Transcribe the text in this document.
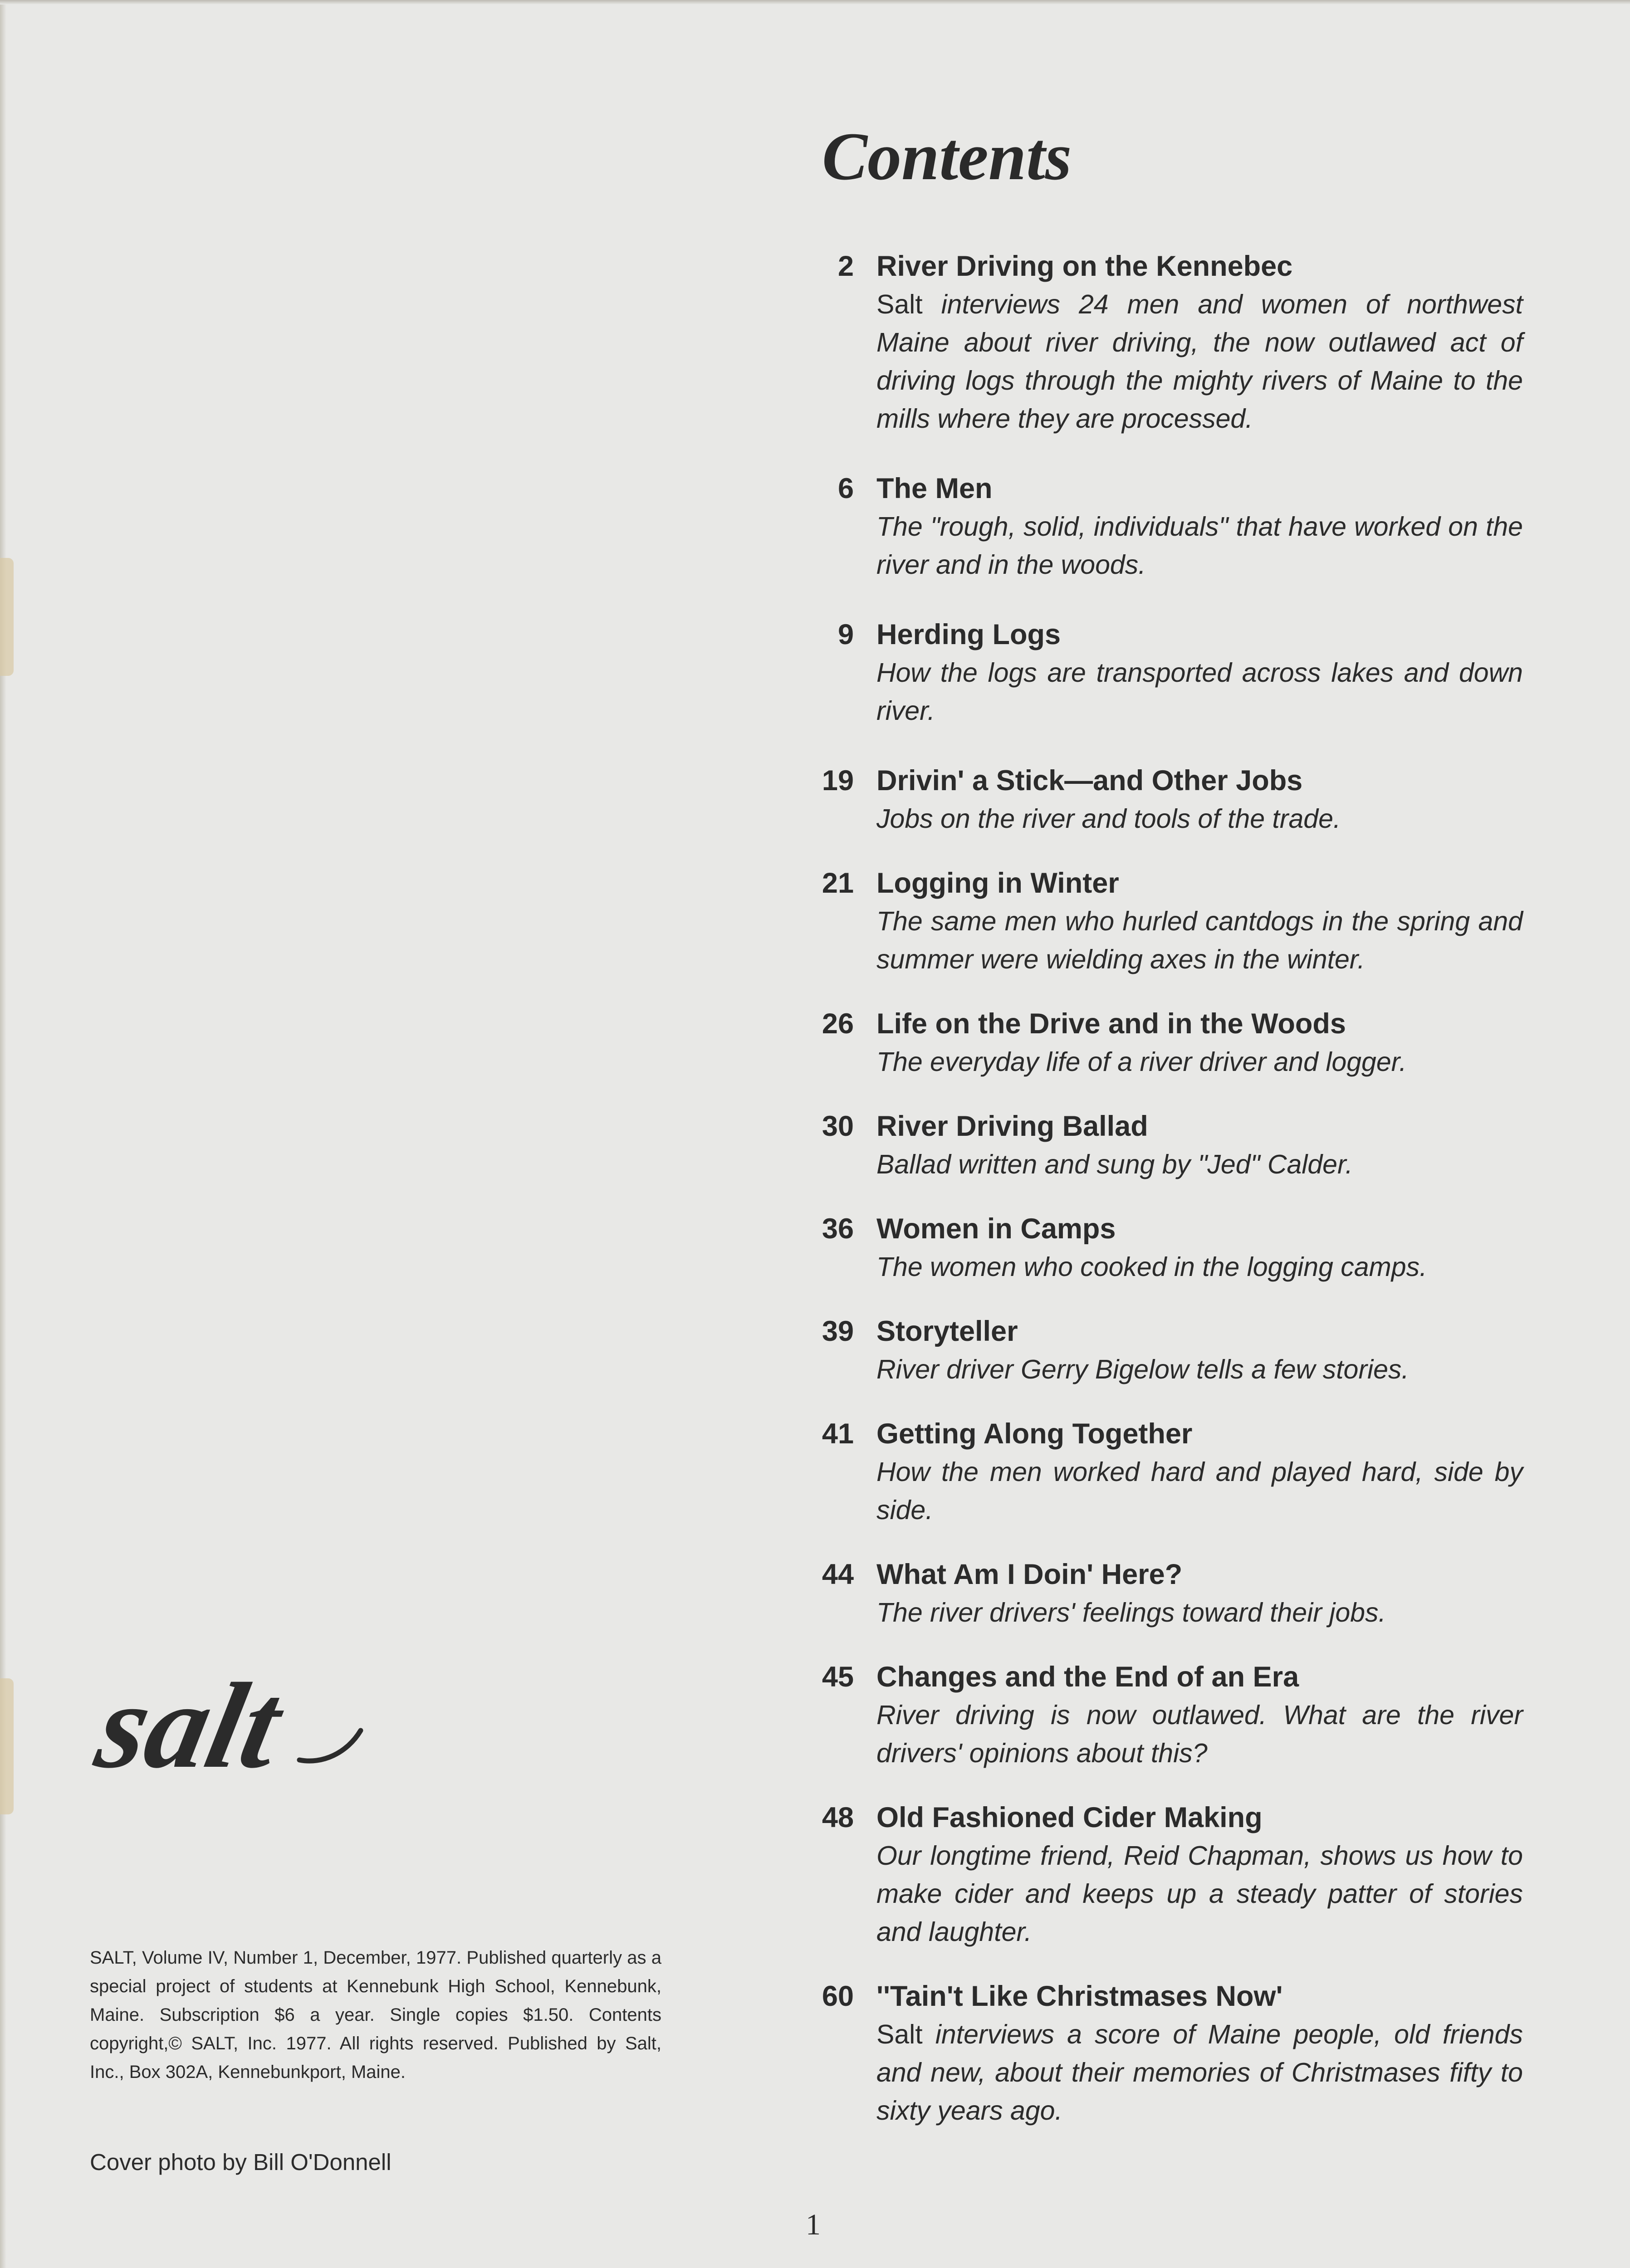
Contents
2 River Driving on the Kennebec
Salt interviews 24 men and women of northwest Maine about river driving, the now outlawed act of driving logs through the mighty rivers of Maine to the mills where they are processed.
6 The Men
The "rough, solid, individuals" that have worked on the river and in the woods.
9 Herding Logs
How the logs are transported across lakes and down river.
19 Drivin' a Stick—and Other Jobs
Jobs on the river and tools of the trade.
21 Logging in Winter
The same men who hurled cantdogs in the spring and summer were wielding axes in the winter.
26 Life on the Drive and in the Woods
The everyday life of a river driver and logger.
30 River Driving Ballad
Ballad written and sung by "Jed" Calder.
36 Women in Camps
The women who cooked in the logging camps.
39 Storyteller
River driver Gerry Bigelow tells a few stories.
41 Getting Along Together
How the men worked hard and played hard, side by side.
44 What Am I Doin' Here?
The river drivers' feelings toward their jobs.
45 Changes and the End of an Era
River driving is now outlawed. What are the river drivers' opinions about this?
48 Old Fashioned Cider Making
Our longtime friend, Reid Chapman, shows us how to make cider and keeps up a steady patter of stories and laughter.
60 ''Tain't Like Christmases Now'
Salt interviews a score of Maine people, old friends and new, about their memories of Christmases fifty to sixty years ago.
salt

SALT, Volume IV, Number 1, December, 1977. Published quarterly as a special project of students at Kennebunk High School, Kennebunk, Maine. Subscription $6 a year. Single copies $1.50. Contents copyright,© SALT, Inc. 1977. All rights reserved. Published by Salt, Inc., Box 302A, Kennebunkport, Maine.

Cover photo by Bill O'Donnell

1
